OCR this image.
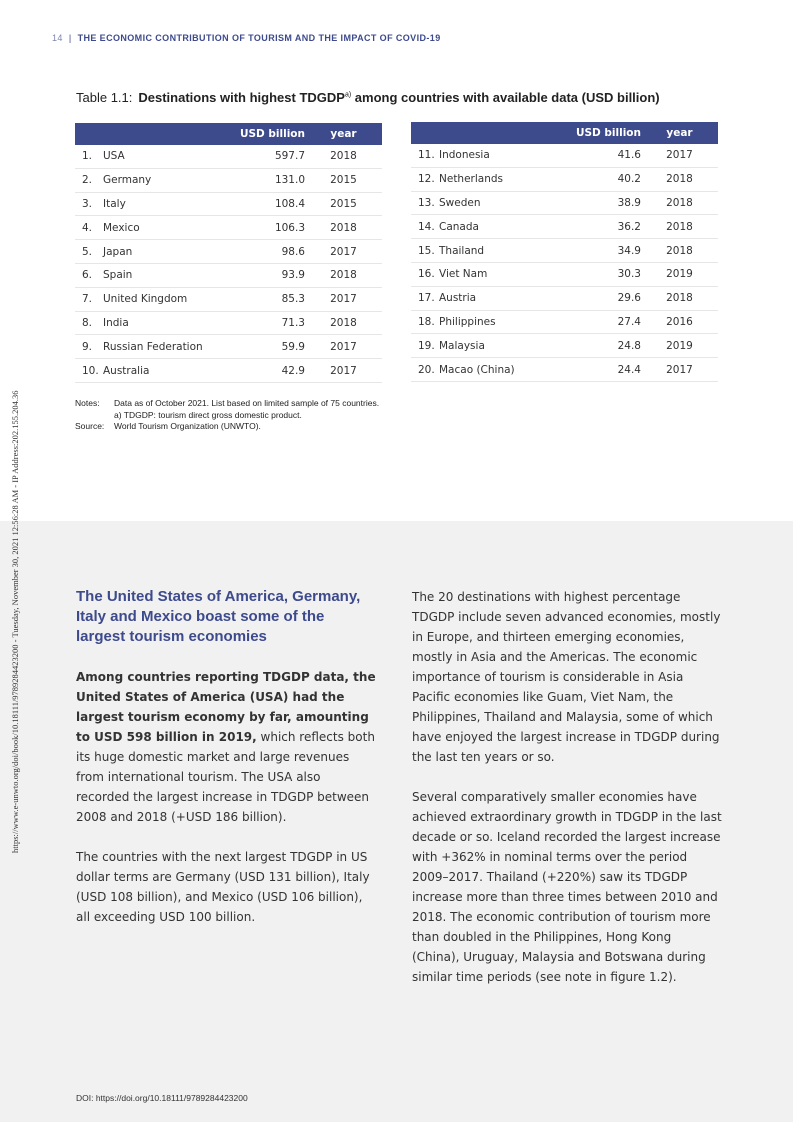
14 | THE ECONOMIC CONTRIBUTION OF TOURISM AND THE IMPACT OF COVID-19
https://www.e-unwto.org/doi/book/10.18111/9789284423200 - Tuesday, November 30, 2021 12:56:28 AM - IP Address:202.155.204.36
Table 1.1: Destinations with highest TDGDP$^{a)}$ among countries with available data (USD billion)
		USD billion	year
1.	USA	597.7	2018
2.	Germany	131.0	2015
3.	Italy	108.4	2015
4.	Mexico	106.3	2018
5.	Japan	98.6	2017
6.	Spain	93.9	2018
7.	United Kingdom	85.3	2017
8.	India	71.3	2018
9.	Russian Federation	59.9	2017
10.	Australia	42.9	2017
		USD billion	year
11.	Indonesia	41.6	2017
12.	Netherlands	40.2	2018
13.	Sweden	38.9	2018
14.	Canada	36.2	2018
15.	Thailand	34.9	2018
16.	Viet Nam	30.3	2019
17.	Austria	29.6	2018
18.	Philippines	27.4	2016
19.	Malaysia	24.8	2019
20.	Macao (China)	24.4	2017
Notes:	Data as of October 2021. List based on limited sample of 75 countries.
a) TDGDP: tourism direct gross domestic product.
Source:	World Tourism Organization (UNWTO).
The United States of America, Germany, Italy and Mexico boast some of the largest tourism economies

Among countries reporting TDGDP data, the United States of America (USA) had the largest tourism economy by far, amounting to USD 598 billion in 2019, which reflects both its huge domestic market and large revenues from international tourism. The USA also recorded the largest increase in TDGDP between 2008 and 2018 (+USD 186 billion).

The countries with the next largest TDGDP in US dollar terms are Germany (USD 131 billion), Italy (USD 108 billion), and Mexico (USD 106 billion), all exceeding USD 100 billion.

The 20 destinations with highest percentage TDGDP include seven advanced economies, mostly in Europe, and thirteen emerging economies, mostly in Asia and the Americas. The economic importance of tourism is considerable in Asia Pacific economies like Guam, Viet Nam, the Philippines, Thailand and Malaysia, some of which have enjoyed the largest increase in TDGDP during the last ten years or so.

Several comparatively smaller economies have achieved extraordinary growth in TDGDP in the last decade or so. Iceland recorded the largest increase with +362% in nominal terms over the period 2009–2017. Thailand (+220%) saw its TDGDP increase more than three times between 2010 and 2018. The economic contribution of tourism more than doubled in the Philippines, Hong Kong (China), Uruguay, Malaysia and Botswana during similar time periods (see note in figure 1.2).

DOI: https://doi.org/10.18111/9789284423200
